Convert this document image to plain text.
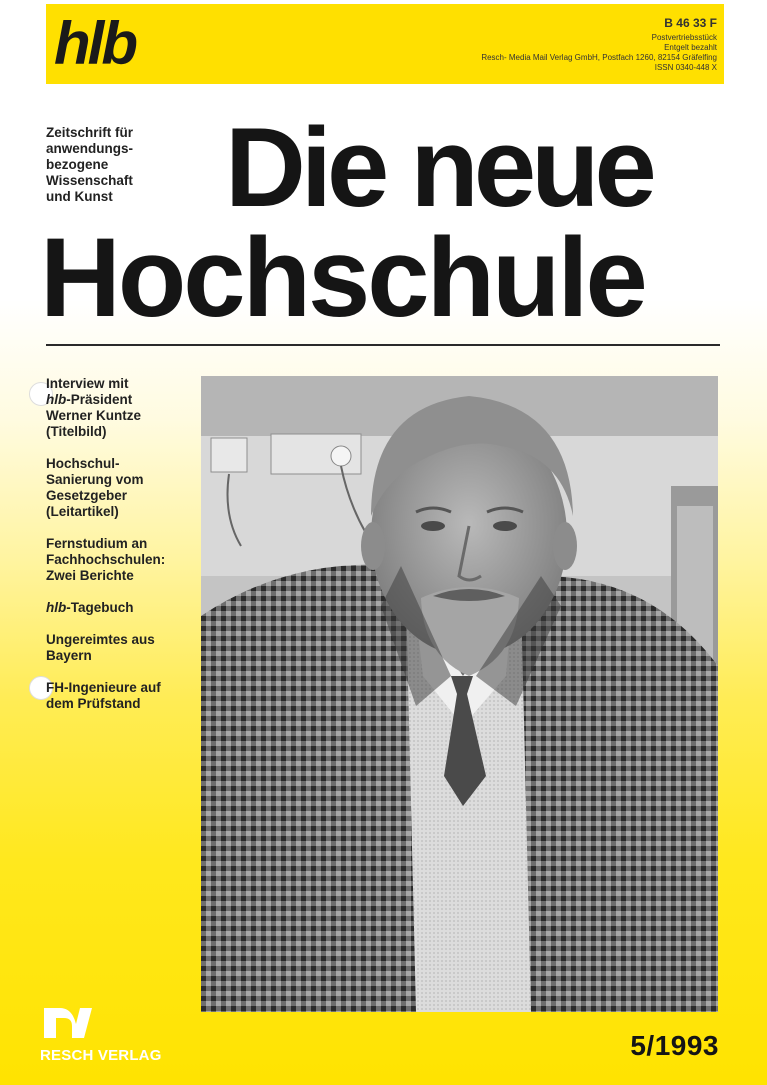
hlb	B 46 33 F
Postvertriebsstück
Entgelt bezahlt
Resch- Media Mail Verlag GmbH, Postfach 1260, 82154 Gräfelfing
ISSN 0340-448 X
Zeitschrift für
anwendungs-
bezogene
Wissenschaft
und Kunst	Die neue
Hochschule
Interview mit
hlb-Präsident
Werner Kuntze
(Titelbild)
Hochschul-
Sanierung vom
Gesetzgeber
(Leitartikel)
Fernstudium an
Fachhochschulen:
Zwei Berichte
hlb-Tagebuch
Ungereimtes aus
Bayern
FH-Ingenieure auf
dem Prüfstand
RESCH VERLAG	5/1993
